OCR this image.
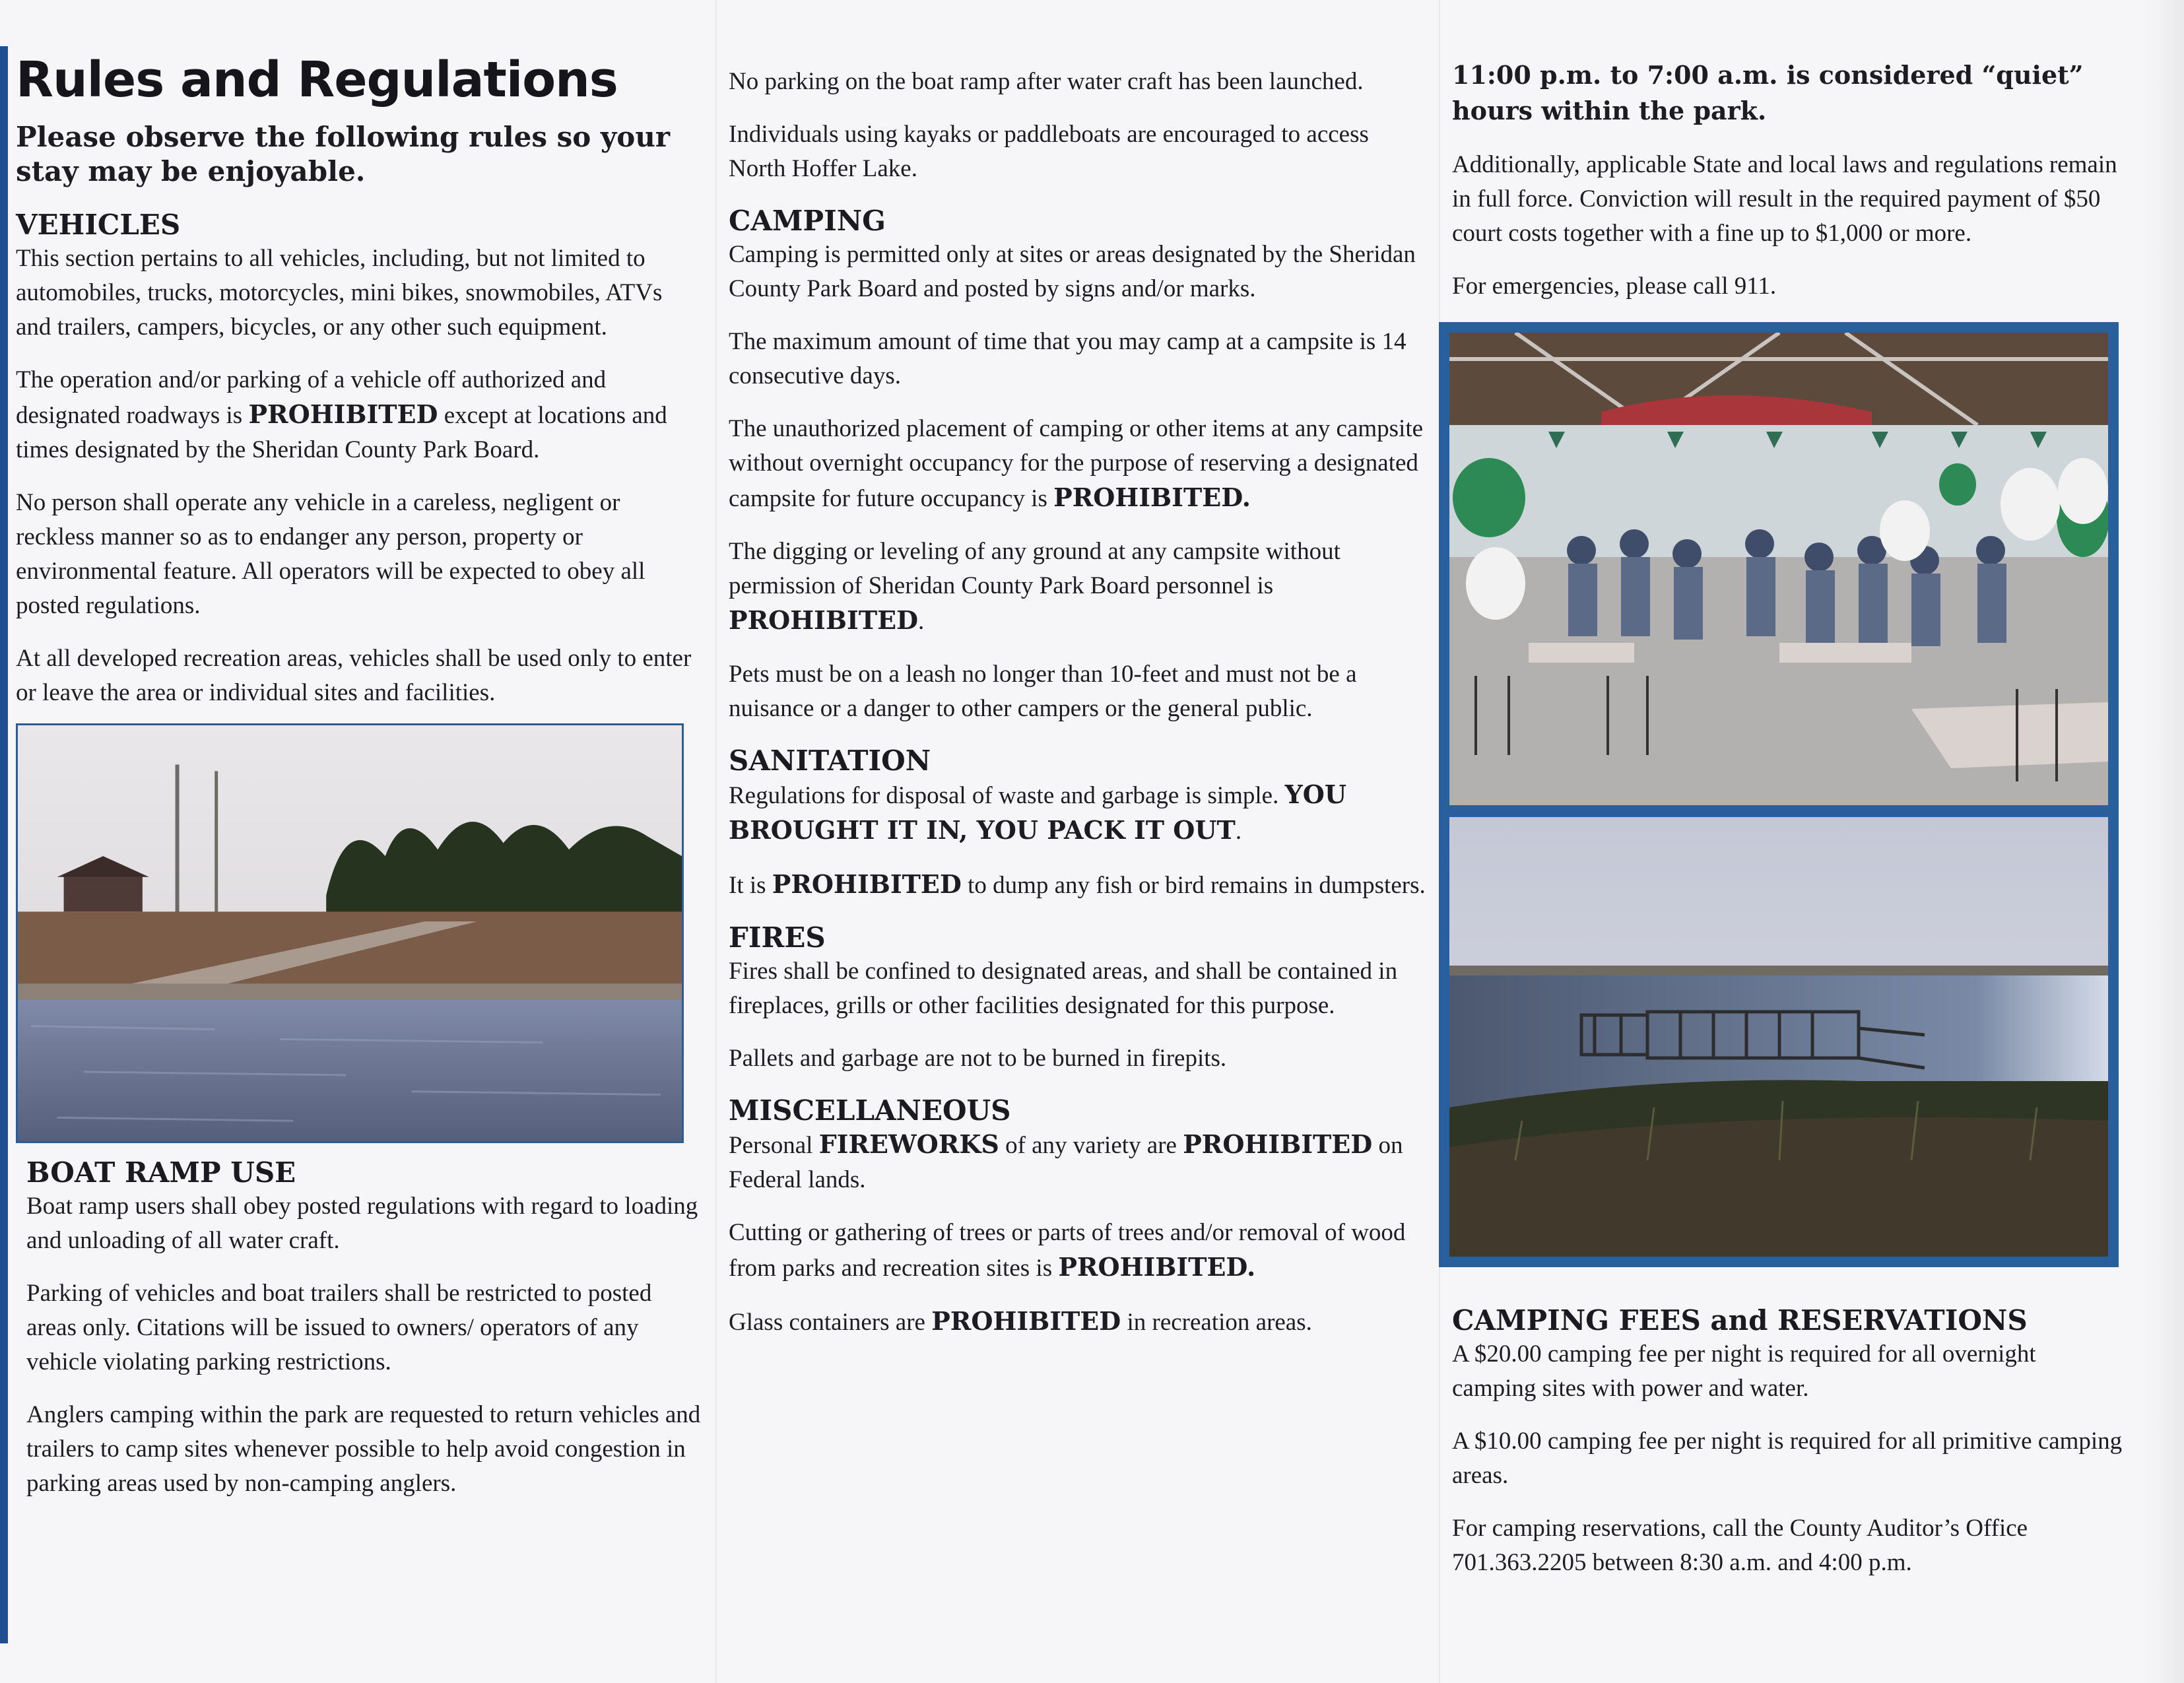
Rules and Regulations
Please observe the following rules so your stay may be enjoyable.
VEHICLES

This section pertains to all vehicles, including, but not limited to automobiles, trucks, motorcycles, mini bikes, snowmobiles, ATVs and trailers, campers, bicycles, or any other such equipment.

The operation and/or parking of a vehicle off authorized and designated roadways is PROHIBITED except at locations and times designated by the Sheridan County Park Board.

No person shall operate any vehicle in a careless, negligent or reckless manner so as to endanger any person, property or environmental feature. All operators will be expected to obey all posted regulations.

At all developed recreation areas, vehicles shall be used only to enter or leave the area or individual sites and facilities.

BOAT RAMP USE

Boat ramp users shall obey posted regulations with regard to loading and unloading of all water craft.

Parking of vehicles and boat trailers shall be restricted to posted areas only. Citations will be issued to owners/ operators of any vehicle violating parking restrictions.

Anglers camping within the park are requested to return vehicles and trailers to camp sites whenever possible to help avoid congestion in parking areas used by non-camping anglers.

No parking on the boat ramp after water craft has been launched.

Individuals using kayaks or paddleboats are encouraged to access North Hoffer Lake.

CAMPING

Camping is permitted only at sites or areas designated by the Sheridan County Park Board and posted by signs and/or marks.

The maximum amount of time that you may camp at a campsite is 14 consecutive days.

The unauthorized placement of camping or other items at any campsite without overnight occupancy for the purpose of reserving a designated campsite for future occupancy is PROHIBITED.

The digging or leveling of any ground at any campsite without permission of Sheridan County Park Board personnel is PROHIBITED.

Pets must be on a leash no longer than 10-feet and must not be a nuisance or a danger to other campers or the general public.

SANITATION

Regulations for disposal of waste and garbage is simple. YOU BROUGHT IT IN, YOU PACK IT OUT.

It is PROHIBITED to dump any fish or bird remains in dumpsters.

FIRES

Fires shall be confined to designated areas, and shall be contained in fireplaces, grills or other facilities designated for this purpose.

Pallets and garbage are not to be burned in firepits.

MISCELLANEOUS

Personal FIREWORKS of any variety are PROHIBITED on Federal lands.

Cutting or gathering of trees or parts of trees and/or removal of wood from parks and recreation sites is PROHIBITED.

Glass containers are PROHIBITED in recreation areas.

11:00 p.m. to 7:00 a.m. is considered “quiet” hours within the park.

Additionally, applicable State and local laws and regulations remain in full force. Conviction will result in the required payment of $50 court costs together with a fine up to $1,000 or more.

For emergencies, please call 911.

CAMPING FEES and RESERVATIONS

A $20.00 camping fee per night is required for all overnight camping sites with power and water.

A $10.00 camping fee per night is required for all primitive camping areas.

For camping reservations, call the County Auditor’s Office 701.363.2205 between 8:30 a.m. and 4:00 p.m.
